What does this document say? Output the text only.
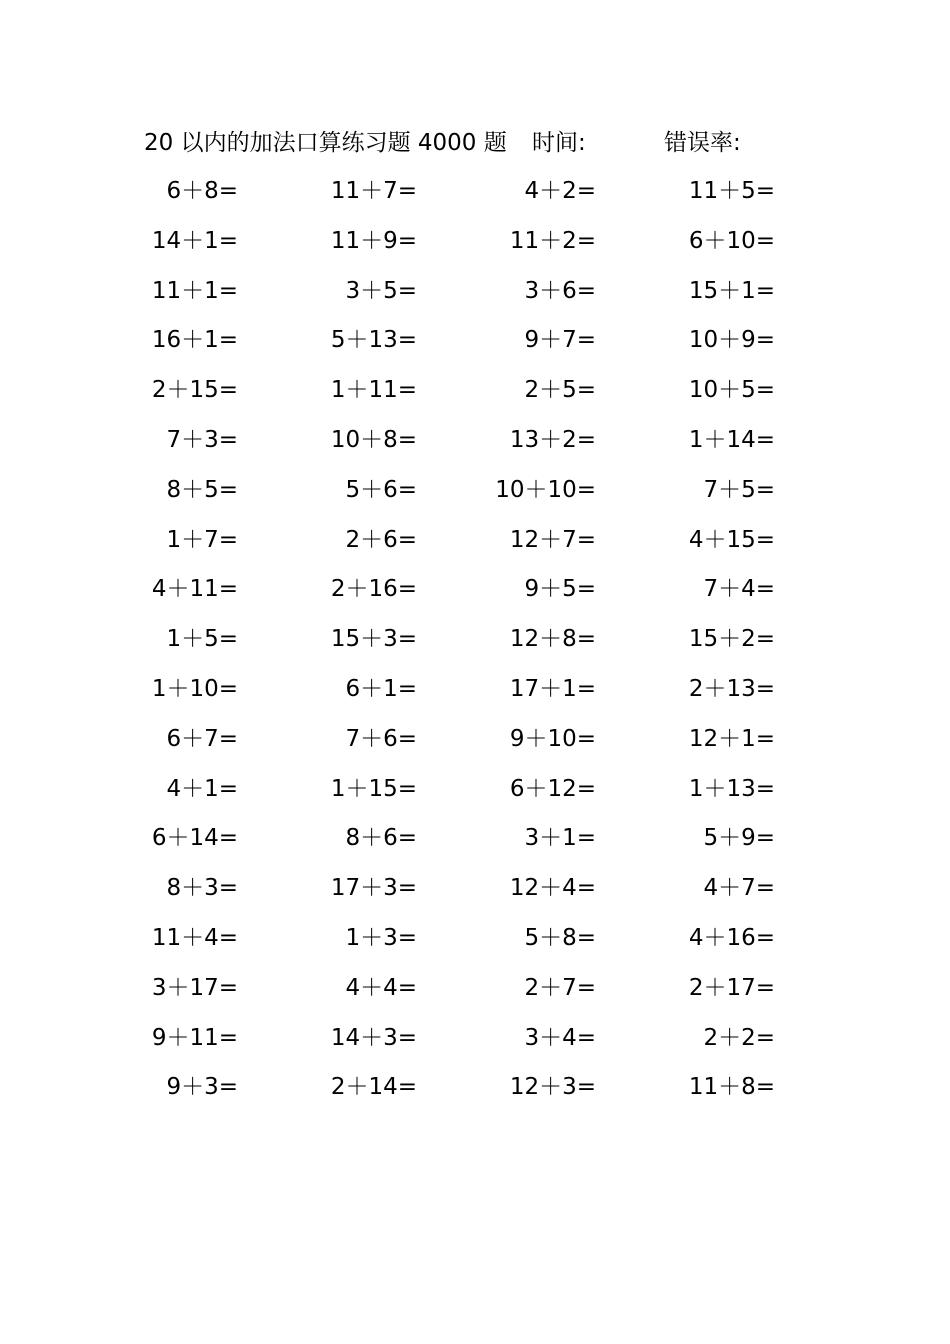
20 以内的加法口算练习题 4000 题 时间:	错误率:
6＋8=	11＋7=	4＋2=	11＋5=
14＋1=	11＋9=	11＋2=	6＋10=
11＋1=	3＋5=	3＋6=	15＋1=
16＋1=	5＋13=	9＋7=	10＋9=
2＋15=	1＋11=	2＋5=	10＋5=
7＋3=	10＋8=	13＋2=	1＋14=
8＋5=	5＋6=	10＋10=	7＋5=
1＋7=	2＋6=	12＋7=	4＋15=
4＋11=	2＋16=	9＋5=	7＋4=
1＋5=	15＋3=	12＋8=	15＋2=
1＋10=	6＋1=	17＋1=	2＋13=
6＋7=	7＋6=	9＋10=	12＋1=
4＋1=	1＋15=	6＋12=	1＋13=
6＋14=	8＋6=	3＋1=	5＋9=
8＋3=	17＋3=	12＋4=	4＋7=
11＋4=	1＋3=	5＋8=	4＋16=
3＋17=	4＋4=	2＋7=	2＋17=
9＋11=	14＋3=	3＋4=	2＋2=
9＋3=	2＋14=	12＋3=	11＋8=
